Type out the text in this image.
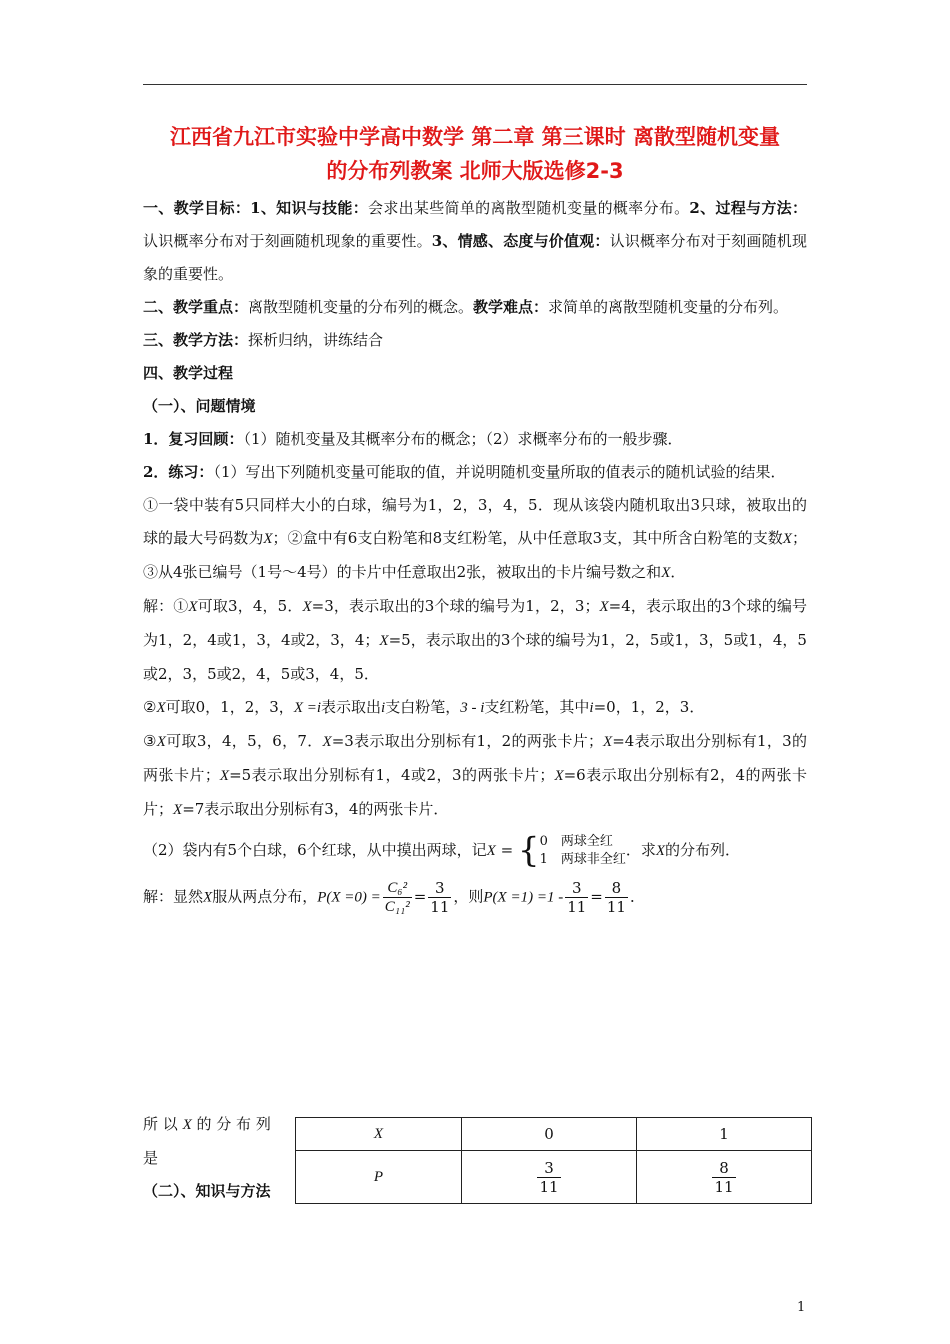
江西省九江市实验中学高中数学 第二章 第三课时 离散型随机变量
的分布列教案 北师大版选修2-3

一、教学目标：1、知识与技能：会求出某些简单的离散型随机变量的概率分布。2、过程与方法：认识概率分布对于刻画随机现象的重要性。3、情感、态度与价值观：认识概率分布对于刻画随机现象的重要性。

二、教学重点：离散型随机变量的分布列的概念。教学难点：求简单的离散型随机变量的分布列。

三、教学方法：探析归纳，讲练结合

四、教学过程

（一）、问题情境

1．复习回顾：（1）随机变量及其概率分布的概念；（2）求概率分布的一般步骤．

2．练习：（1）写出下列随机变量可能取的值，并说明随机变量所取的值表示的随机试验的结果．

①一袋中装有5只同样大小的白球，编号为1，2，3，4，5．现从该袋内随机取出3只球，被取出的球的最大号码数为X；②盒中有6支白粉笔和8支红粉笔，从中任意取3支，其中所含白粉笔的支数X；③从4张已编号（1号～4号）的卡片中任意取出2张，被取出的卡片编号数之和X．

解：①X可取3，4，5．X=3，表示取出的3个球的编号为1，2，3；X=4，表示取出的3个球的编号为1，2，4或1，3，4或2，3，4；X=5，表示取出的3个球的编号为1，2，5或1，3，5或1，4，5或2，3，5或2，4，5或3，4，5．

②X可取0，1，2，3，X =i表示取出i支白粉笔，3 - i支红粉笔，其中i=0，1，2，3．

③X可取3，4，5，6，7．X=3表示取出分别标有1，2的两张卡片；X=4表示取出分别标有1，3的两张卡片；X=5表示取出分别标有1，4或2，3的两张卡片；X=6表示取出分别标有2，4的两张卡片；X=7表示取出分别标有3，4的两张卡片．

（2）袋内有5个白球，6个红球，从中摸出两球，记X = { 0　两球全红
1　两球非全红
．求X的分布列．

解：显然X服从两点分布，$P(X =0) = \frac{\text{C₆²}}{\text{C₁₁²}} = \frac{3}{11}$ ，则$P(X =1) =1 - \frac{3}{11} = \frac{8}{11}$ ．

所 以 X 的 分 布 列
是
（二）、知识与方法
X	0	1
P	$\frac{3}{11}$	$\frac{8}{11}$
1
